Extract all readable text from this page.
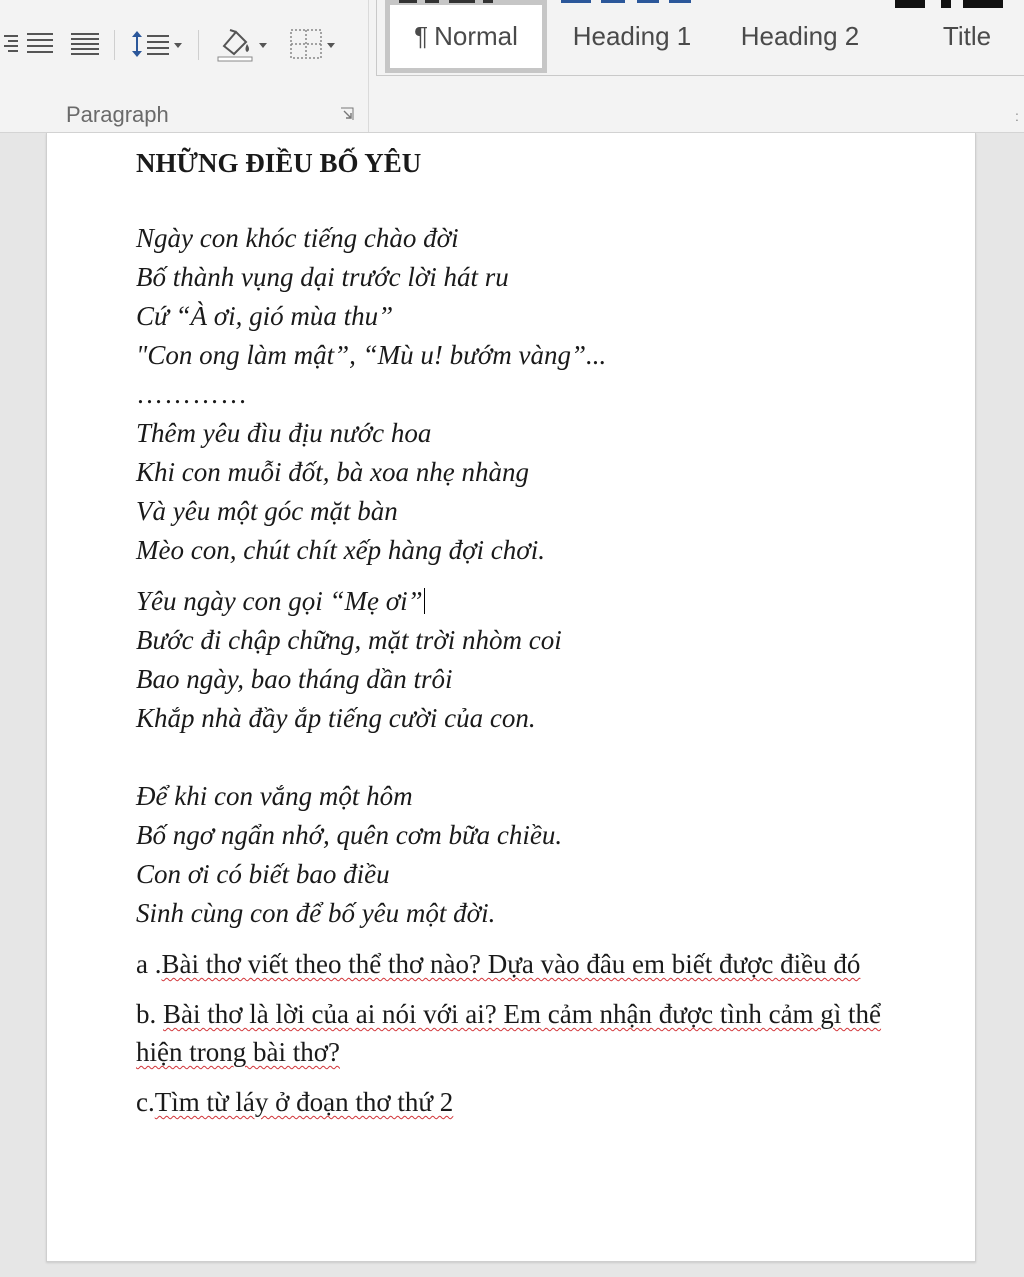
Paragraph
¶ Normal Heading 1 Heading 2	Title
:

NHỮNG ĐIỀU BỐ YÊU

Ngày con khóc tiếng chào đời
Bố thành vụng dại trước lời hát ru
Cứ “À ơi, gió mùa thu”
"Con ong làm mật”, “Mù u! bướm vàng”...
…………
Thêm yêu đìu địu nước hoa
Khi con muỗi đốt, bà xoa nhẹ nhàng
Và yêu một góc mặt bàn
Mèo con, chút chít xếp hàng đợi chơi.
Yêu ngày con gọi “Mẹ ơi”
Bước đi chập chững, mặt trời nhòm coi
Bao ngày, bao tháng dần trôi
Khắp nhà đầy ắp tiếng cười của con.
Để khi con vắng một hôm
Bố ngơ ngẩn nhớ, quên cơm bữa chiều.
Con ơi có biết bao điều
Sinh cùng con để bố yêu một đời.
a .Bài thơ viết theo thể thơ nào? Dựa vào đâu em biết được điều đó
b. Bài thơ là lời của ai nói với ai? Em cảm nhận được tình cảm gì thể hiện trong bài thơ?
c.Tìm từ láy ở đoạn thơ thứ 2
